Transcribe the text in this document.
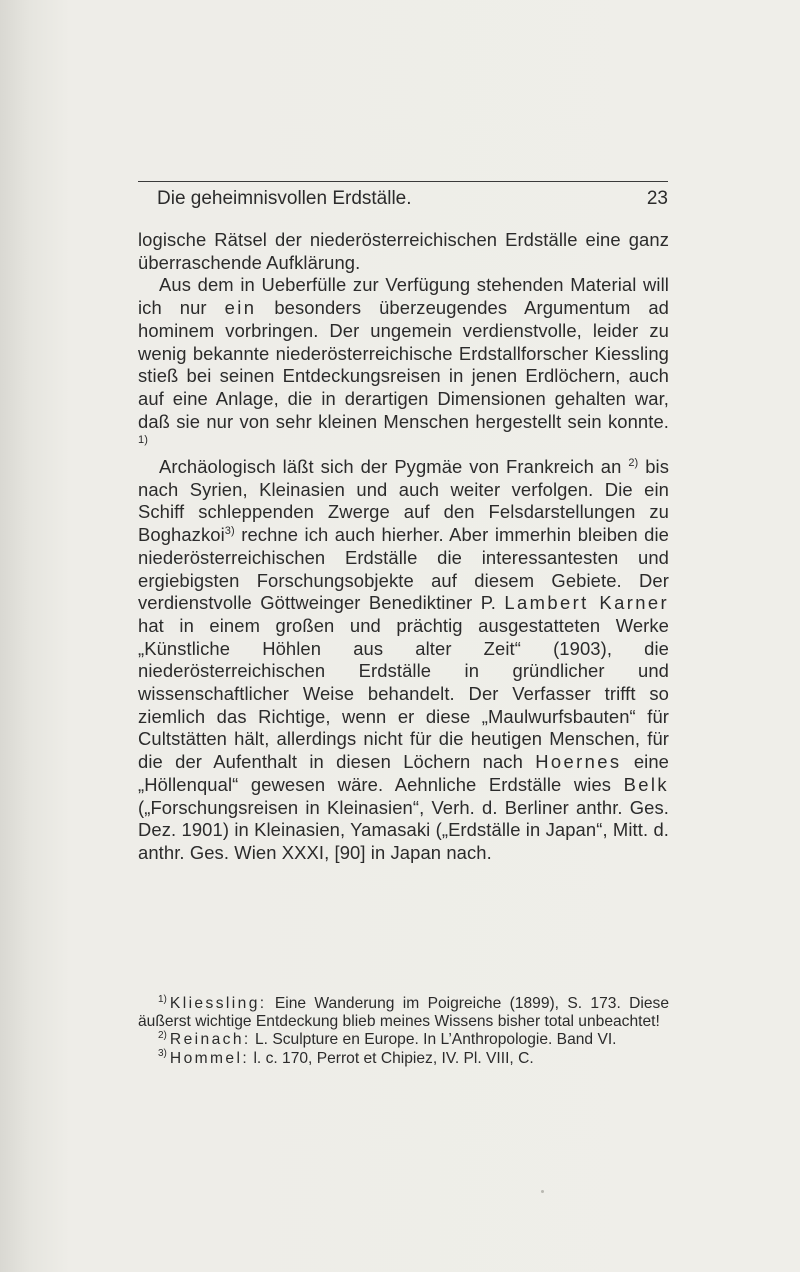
Die geheimnisvollen Erdställe.	23

logische Rätsel der niederösterreichischen Erdställe eine ganz überraschende Aufklärung.

Aus dem in Ueberfülle zur Verfügung stehenden Material will ich nur ein besonders überzeugendes Argumentum ad hominem vorbringen. Der ungemein verdienstvolle, leider zu wenig bekannte niederösterreichische Erdstallforscher Kiessling stieß bei seinen Entdeckungsreisen in jenen Erdlöchern, auch auf eine Anlage, die in derartigen Dimensionen gehalten war, daß sie nur von sehr kleinen Menschen hergestellt sein konnte. $^{1)}$

Archäologisch läßt sich der Pygmäe von Frankreich an $^{2)}$ bis nach Syrien, Kleinasien und auch weiter verfolgen. Die ein Schiff schleppenden Zwerge auf den Felsdarstellungen zu Boghazkoi$^{3)}$ rechne ich auch hierher. Aber immerhin bleiben die niederösterreichischen Erdställe die interessantesten und ergiebigsten Forschungsobjekte auf diesem Gebiete. Der verdienstvolle Göttweinger Benediktiner P. Lambert Karner hat in einem großen und prächtig ausgestatteten Werke „Künstliche Höhlen aus alter Zeit“ (1903), die niederösterreichischen Erdställe in gründlicher und wissenschaftlicher Weise behandelt. Der Verfasser trifft so ziemlich das Richtige, wenn er diese „Maulwurfsbauten“ für Cultstätten hält, allerdings nicht für die heutigen Menschen, für die der Aufenthalt in diesen Löchern nach Hoernes eine „Höllenqual“ gewesen wäre. Aehnliche Erdställe wies Belk („Forschungsreisen in Kleinasien“, Verh. d. Berliner anthr. Ges. Dez. 1901) in Kleinasien, Yamasaki („Erdställe in Japan“, Mitt. d. anthr. Ges. Wien XXXI, [90] in Japan nach.

$^{1)}$ Kliessling: Eine Wanderung im Poigreiche (1899), S. 173. Diese äußerst wichtige Entdeckung blieb meines Wissens bisher total unbeachtet!

$^{2)}$ Reinach: L. Sculpture en Europe. In L’Anthropologie. Band VI.

$^{3)}$ Hommel: l. c. 170, Perrot et Chipiez, IV. Pl. VIII, C.
